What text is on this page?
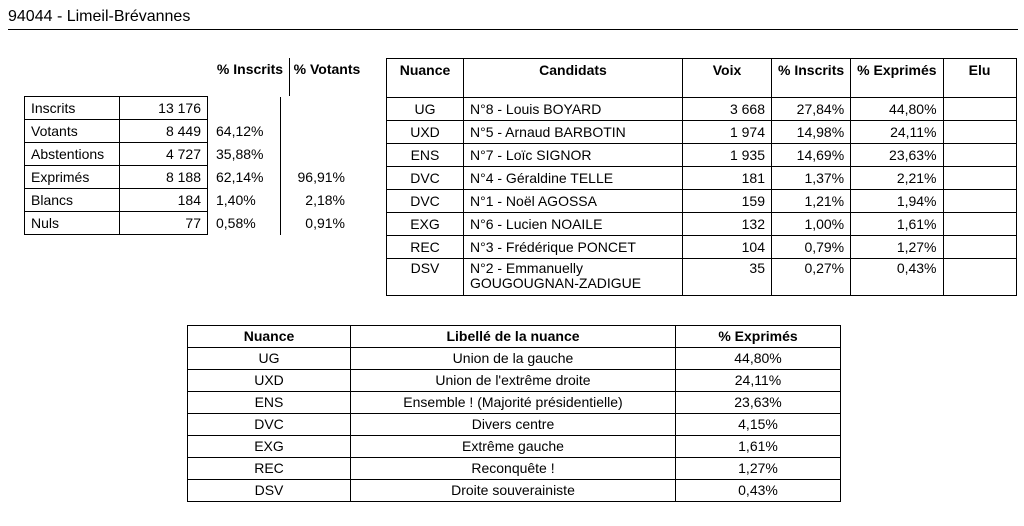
94044 - Limeil-Brévannes
% Inscrits % Votants
Inscrits	13 176		
Votants	8 449	64,12%	
Abstentions	4 727	35,88%	
Exprimés	8 188	62,14%	96,91%
Blancs	184	1,40%	2,18%
Nuls	77	0,58%	0,91%
Nuance	Candidats	Voix	% Inscrits	% Exprimés	Elu
UG	N°8 - Louis BOYARD	3 668	27,84%	44,80%	
UXD	N°5 - Arnaud BARBOTIN	1 974	14,98%	24,11%	
ENS	N°7 - Loïc SIGNOR	1 935	14,69%	23,63%	
DVC	N°4 - Géraldine TELLE	181	1,37%	2,21%	
DVC	N°1 - Noël AGOSSA	159	1,21%	1,94%	
EXG	N°6 - Lucien NOAILE	132	1,00%	1,61%	
REC	N°3 - Frédérique PONCET	104	0,79%	1,27%	
DSV	N°2 - Emmanuelly GOUGOUGNAN-ZADIGUE	35	0,27%	0,43%	
Nuance	Libellé de la nuance	% Exprimés
UG	Union de la gauche	44,80%
UXD	Union de l'extrême droite	24,11%
ENS	Ensemble ! (Majorité présidentielle)	23,63%
DVC	Divers centre	4,15%
EXG	Extrême gauche	1,61%
REC	Reconquête !	1,27%
DSV	Droite souverainiste	0,43%
